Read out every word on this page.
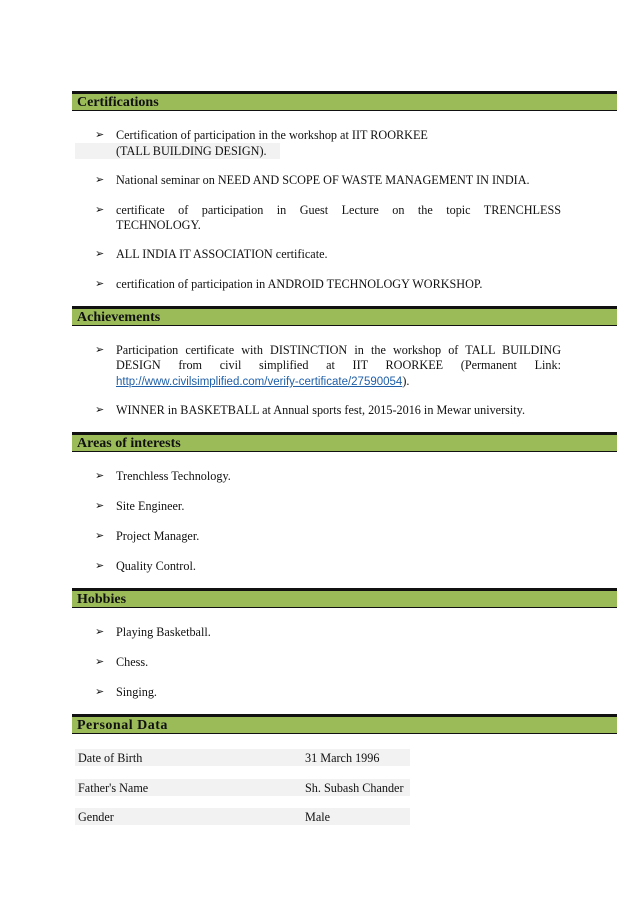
Certifications
➢ Certification of participation in the workshop at IIT ROORKEE
(TALL BUILDING DESIGN).
➢ National seminar on NEED AND SCOPE OF WASTE MANAGEMENT IN INDIA.
➢ certificate of participation in Guest Lecture on the topic TRENCHLESS
TECHNOLOGY.
➢ ALL INDIA IT ASSOCIATION certificate.
➢ certification of participation in ANDROID TECHNOLOGY WORKSHOP.
Achievements
➢ Participation certificate with DISTINCTION in the workshop of TALL BUILDING
DESIGN from civil simplified at IIT ROORKEE (Permanent Link:
http://www.civilsimplified.com/verify-certificate/27590054).
➢ WINNER in BASKETBALL at Annual sports fest, 2015-2016 in Mewar university.
Areas of interests
➢ Trenchless Technology.
➢ Site Engineer.
➢ Project Manager.
➢ Quality Control.
Hobbies
➢ Playing Basketball.
➢ Chess.
➢ Singing.
Personal Data
Date of Birth	31 March 1996
Father's Name	Sh. Subash Chander
Gender	Male
